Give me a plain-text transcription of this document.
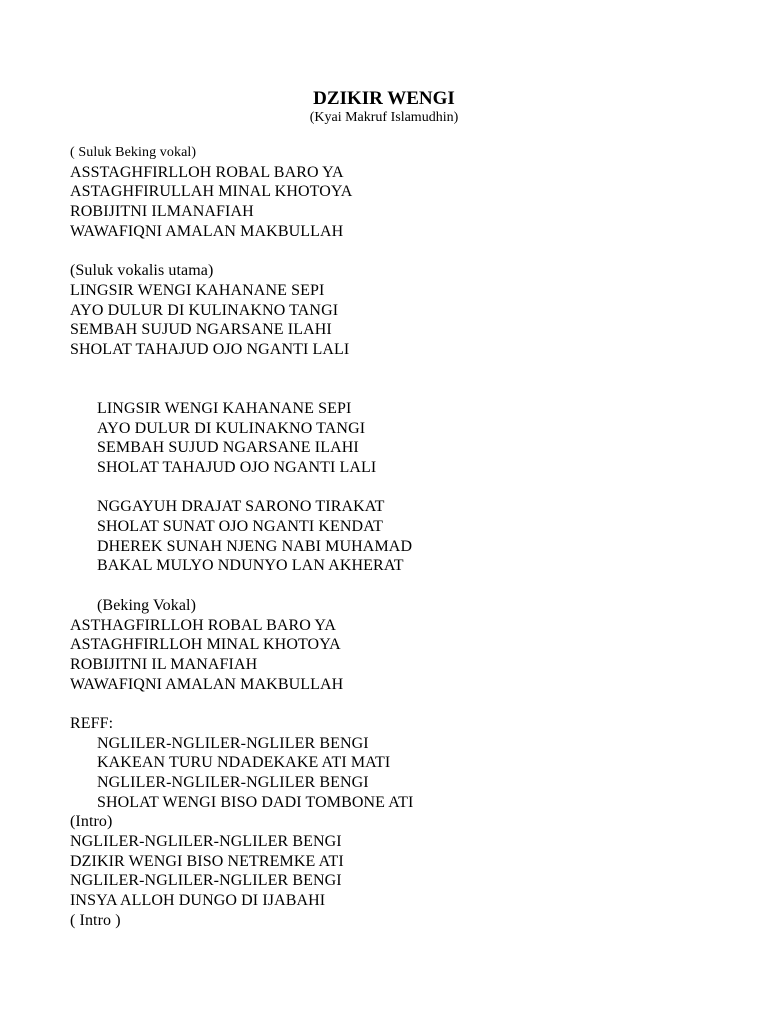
DZIKIR WENGI
(Kyai Makruf Islamudhin)
( Suluk Beking vokal)
ASSTAGHFIRLLOH ROBAL BARO YA
ASTAGHFIRULLAH MINAL KHOTOYA
ROBIJITNI ILMANAFIAH
WAWAFIQNI AMALAN MAKBULLAH
(Suluk vokalis utama)
LINGSIR WENGI KAHANANE SEPI
AYO DULUR DI KULINAKNO TANGI
SEMBAH SUJUD NGARSANE ILAHI
SHOLAT TAHAJUD OJO NGANTI LALI
LINGSIR WENGI KAHANANE SEPI
AYO DULUR DI KULINAKNO TANGI
SEMBAH SUJUD NGARSANE ILAHI
SHOLAT TAHAJUD OJO NGANTI LALI
NGGAYUH DRAJAT SARONO TIRAKAT
SHOLAT SUNAT OJO NGANTI KENDAT
DHEREK SUNAH NJENG NABI MUHAMAD
BAKAL MULYO NDUNYO LAN AKHERAT
(Beking Vokal)
ASTHAGFIRLLOH ROBAL BARO YA
ASTAGHFIRLLOH MINAL KHOTOYA
ROBIJITNI IL MANAFIAH
WAWAFIQNI AMALAN MAKBULLAH
REFF:
NGLILER-NGLILER-NGLILER BENGI
KAKEAN TURU NDADEKAKE ATI MATI
NGLILER-NGLILER-NGLILER BENGI
SHOLAT WENGI BISO DADI TOMBONE ATI
(Intro)
NGLILER-NGLILER-NGLILER BENGI
DZIKIR WENGI BISO NETREMKE ATI
NGLILER-NGLILER-NGLILER BENGI
INSYA ALLOH DUNGO DI IJABAHI
( Intro )
